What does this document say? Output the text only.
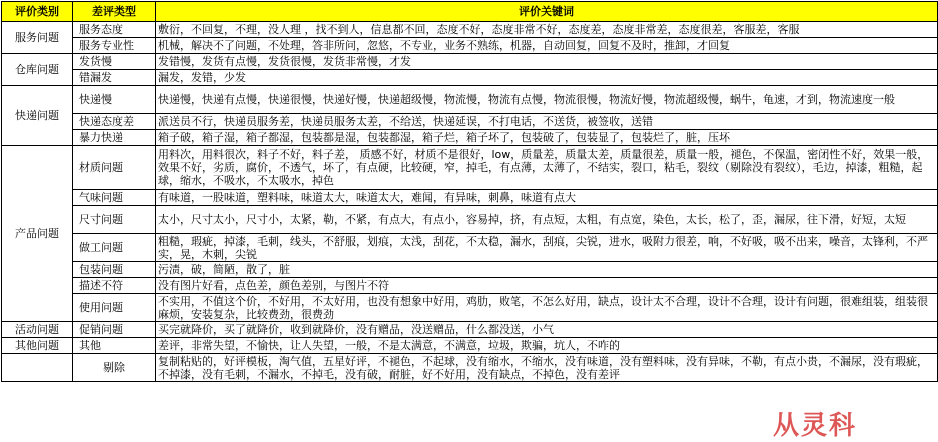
评价类别	差评类型	评价关键词
服务问题	服务态度	敷衍，不回复，不理，没人理 ，找不到人，信息都不回，态度不好，态度非常不好，态度差，态度非常差，态度很差，客服差，客服
	服务专业性	机械，解决不了问题，不处理，答非所问，忽悠，不专业，业务不熟练，机器，自动回复，回复不及时，推卸，才回复
仓库问题	发货慢	发错慢，发货有点慢，发货很慢，发货非常慢，才发
	错漏发	漏发，发错，少发
快递问题	快递慢	快递慢，快递有点慢，快递很慢，快递好慢，快递超级慢，物流慢，物流有点慢，物流很慢，物流好慢，物流超级慢，蜗牛，龟速，才到，物流速度一般
	快递态度差	派送员不行，快递员服务差，快递员服务太差，不给送，快递延误，不打电话，不送货，被签收，送错
	暴力快递	箱子破，箱子湿，箱子都湿，包装都是湿，包装都湿，箱子烂，箱子坏了，包装破了，包装显了，包装烂了，脏，压坏
产品问题	材质问题	用料次，用料很次，料子不好，料子差， 质感不好，材质不是很好，low，质量差，质量太差，质量很差，质量一般，褪色，不保温，密闭性不好，效果一般，效果不好，劣质，腐价，不透气，坏了，有点硬，比较硬，窄，掉毛，有点薄，太薄了，不结实，裂口，粘毛，裂纹（剔除没有裂纹），毛边，掉漆，粗糙，起球，缩水，不吸水，不太吸水，掉色
	气味问题	有味道，一股味道，塑料味，味道太大，味道太大，难闻，有异味，刺鼻，味道有点大
	尺寸问题	太小，尺寸太小，尺寸小，太紧，勒，不紧，有点大，有点小，容易掉，挤，有点短，太粗，有点宽，染色，太长，松了，歪，漏尿，往下滑，好短，太短
	做工问题	粗糙，瑕疵，掉漆，毛刺，线头，不舒服，划痕，太浅，刮花，不太稳，漏水，刮痕，尖锐，进水，吸附力很差，响，不好吸，吸不出来，噪音，太锋利，不严实，晃，木刺，尖锐
	包装问题	污渍，破，简陋，散了，脏
	描述不符	没有图片好看，点色差，颜色差别，与图片不符
	使用问题	不实用，不值这个价，不好用，不太好用，也没有想象中好用，鸡肋，败笔，不怎么好用，缺点，设计太不合理，设计不合理，设计有问题，很难组装，组装很麻烦，安装复杂，比较费劲，很费劲
活动问题	促销问题	买完就降价，买了就降价，收到就降价，没有赠品，没送赠品，什么都没送，小气
其他问题	其他	差评，非常失望，不愉快，让人失望，一般，不是太满意，不满意，垃圾，欺骗，坑人，不咋的
	剔除	复制粘贴的，好评模板，淘气值，五星好评，不褪色，不起球，没有缩水，不缩水，没有味道，没有塑料味，没有异味，不勒，有点小贵，不漏尿，没有瑕疵，不掉漆，没有毛刺，不漏水，不掉毛，没有破，耐脏，好不好用，没有缺点，不掉色，没有差评
从灵科
